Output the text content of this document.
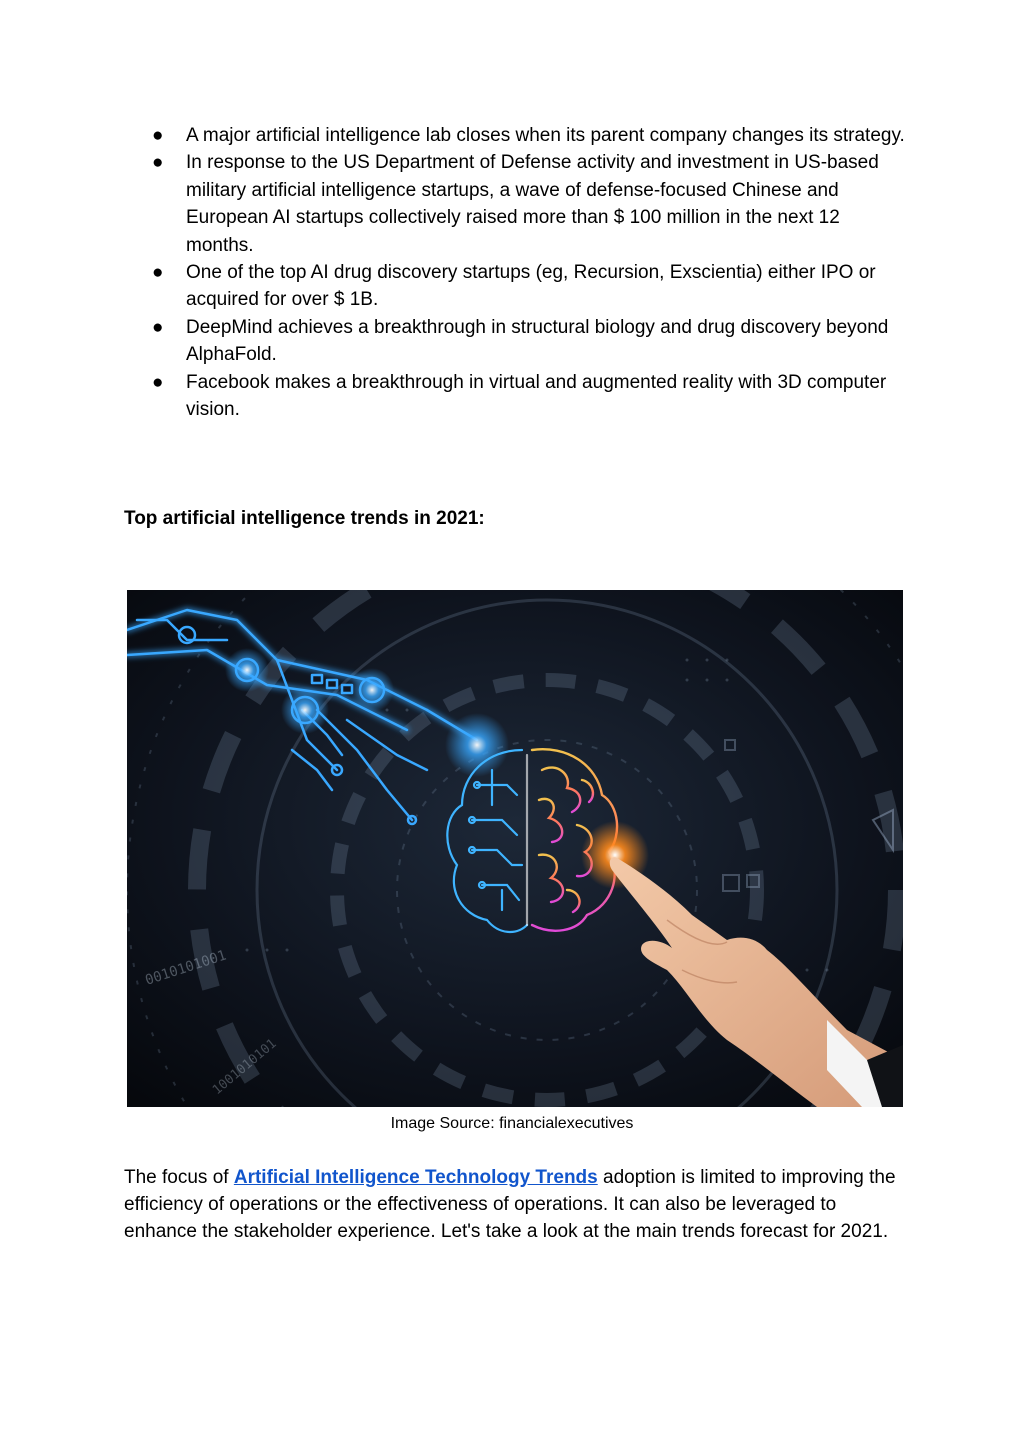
● A major artificial intelligence lab closes when its parent company changes its strategy.
● In response to the US Department of Defense activity and investment in US-based military artificial intelligence startups, a wave of defense-focused Chinese and European AI startups collectively raised more than $ 100 million in the next 12 months.
● One of the top AI drug discovery startups (eg, Recursion, Exscientia) either IPO or acquired for over $ 1B.
● DeepMind achieves a breakthrough in structural biology and drug discovery beyond AlphaFold.
● Facebook makes a breakthrough in virtual and augmented reality with 3D computer vision.
Top artificial intelligence trends in 2021:
0010101001
1001010101
Image Source: financialexecutives

The focus of Artificial Intelligence Technology Trends adoption is limited to improving the efficiency of operations or the effectiveness of operations. It can also be leveraged to enhance the stakeholder experience. Let's take a look at the main trends forecast for 2021.
